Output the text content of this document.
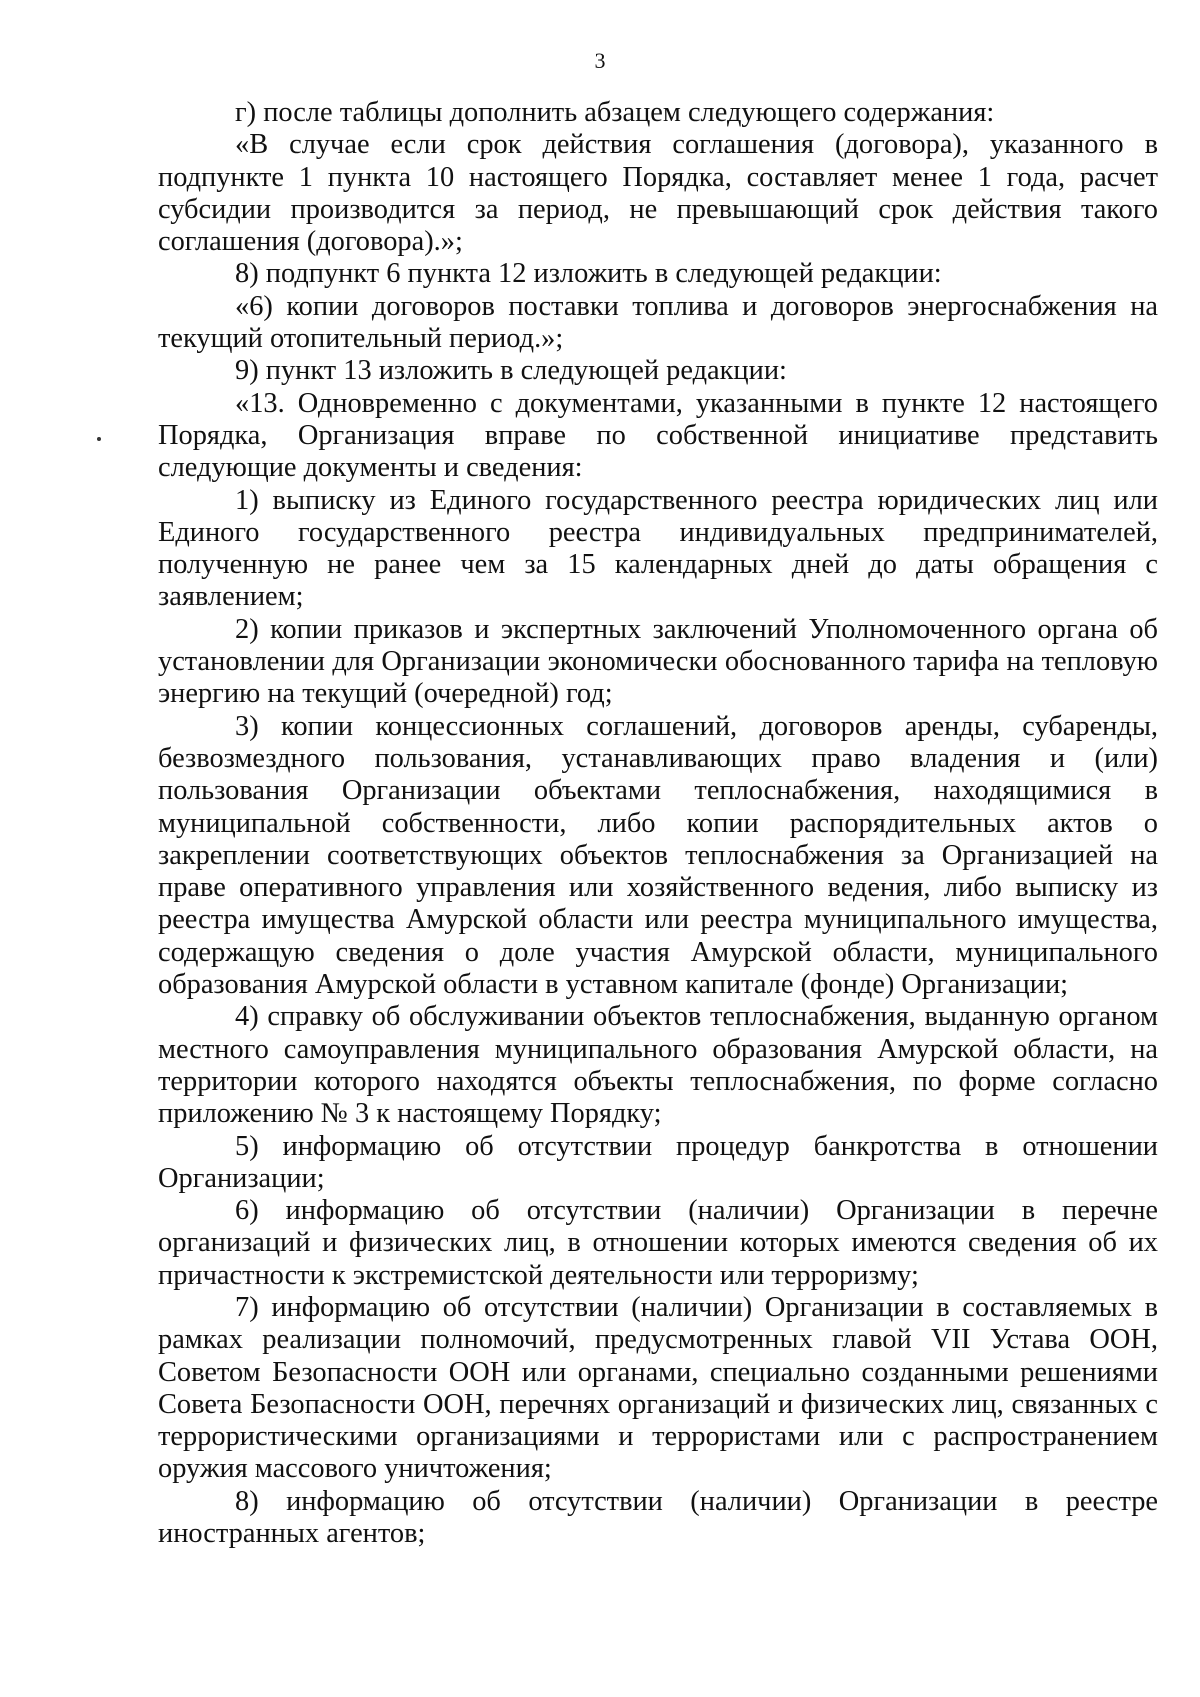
3

г) после таблицы дополнить абзацем следующего содержания:

«В случае если срок действия соглашения (договора), указанного в подпункте 1 пункта 10 настоящего Порядка, составляет менее 1 года, расчет субсидии производится за период, не превышающий срок действия такого соглашения (договора).»;

8) подпункт 6 пункта 12 изложить в следующей редакции:

«6) копии договоров поставки топлива и договоров энергоснабжения на текущий отопительный период.»;

9) пункт 13 изложить в следующей редакции:

«13. Одновременно с документами, указанными в пункте 12 настоящего Порядка, Организация вправе по собственной инициативе представить следующие документы и сведения:

1) выписку из Единого государственного реестра юридических лиц или Единого государственного реестра индивидуальных предпринимателей, полученную не ранее чем за 15 календарных дней до даты обращения с заявлением;

2) копии приказов и экспертных заключений Уполномоченного органа об установлении для Организации экономически обоснованного тарифа на тепловую энергию на текущий (очередной) год;

3) копии концессионных соглашений, договоров аренды, субаренды, безвозмездного пользования, устанавливающих право владения и (или) пользования Организации объектами теплоснабжения, находящимися в муниципальной собственности, либо копии распорядительных актов о закреплении соответствующих объектов теплоснабжения за Организацией на праве оперативного управления или хозяйственного ведения, либо выписку из реестра имущества Амурской области или реестра муниципального имущества, содержащую сведения о доле участия Амурской области, муниципального образования Амурской области в уставном капитале (фонде) Организации;

4) справку об обслуживании объектов теплоснабжения, выданную органом местного самоуправления муниципального образования Амурской области, на территории которого находятся объекты теплоснабжения, по форме согласно приложению № 3 к настоящему Порядку;

5) информацию об отсутствии процедур банкротства в отношении Организации;

6) информацию об отсутствии (наличии) Организации в перечне организаций и физических лиц, в отношении которых имеются сведения об их причастности к экстремистской деятельности или терроризму;

7) информацию об отсутствии (наличии) Организации в составляемых в рамках реализации полномочий, предусмотренных главой VII Устава ООН, Советом Безопасности ООН или органами, специально созданными решениями Совета Безопасности ООН, перечнях организаций и физических лиц, связанных с террористическими организациями и террористами или с распространением оружия массового уничтожения;

8) информацию об отсутствии (наличии) Организации в реестре иностранных агентов;
